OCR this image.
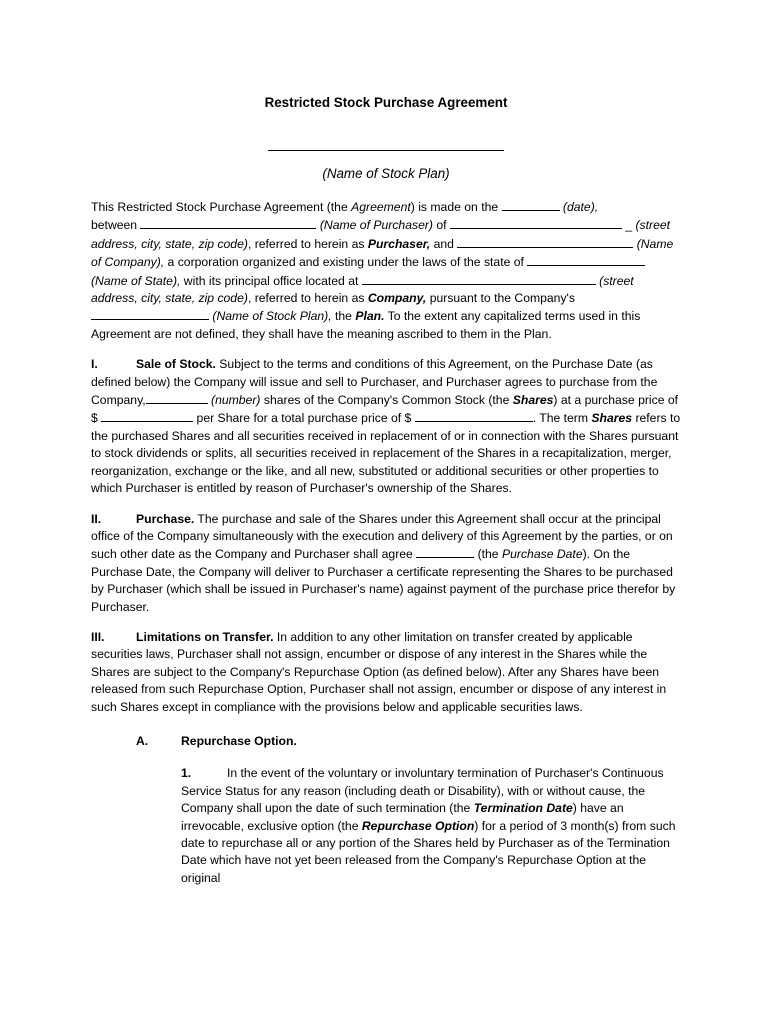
Restricted Stock Purchase Agreement

(Name of Stock Plan)

This Restricted Stock Purchase Agreement (the Agreement) is made on the	(date),
between	(Name of Purchaser) of	_ (street address, city, state, zip code), referred to herein as Purchaser, and	(Name of Company), a corporation organized and existing under the laws of the state of  (Name of State), with its principal office located at	(street address, city, state, zip code), referred to herein as Company, pursuant to the Company's  (Name of Stock Plan), the Plan. To the extent any capitalized terms used in this Agreement are not defined, they shall have the meaning ascribed to them in the Plan.

I.	Sale of Stock. Subject to the terms and conditions of this Agreement, on the Purchase Date (as defined below) the Company will issue and sell to Purchaser, and Purchaser agrees to purchase from the Company,	(number) shares of the Company's Common Stock (the Shares) at a purchase price of $	per Share for a total purchase price of $	. The term Shares refers to the purchased Shares and all securities received in replacement of or in connection with the Shares pursuant to stock dividends or splits, all securities received in replacement of the Shares in a recapitalization, merger, reorganization, exchange or the like, and all new, substituted or additional securities or other properties to which Purchaser is entitled by reason of Purchaser's ownership of the Shares.

II.	Purchase. The purchase and sale of the Shares under this Agreement shall occur at the principal office of the Company simultaneously with the execution and delivery of this Agreement by the parties, or on such other date as the Company and Purchaser shall agree	(the Purchase Date). On the Purchase Date, the Company will deliver to Purchaser a certificate representing the Shares to be purchased by Purchaser (which shall be issued in Purchaser's name) against payment of the purchase price therefor by Purchaser.

III.	Limitations on Transfer. In addition to any other limitation on transfer created by applicable securities laws, Purchaser shall not assign, encumber or dispose of any interest in the Shares while the Shares are subject to the Company's Repurchase Option (as defined below). After any Shares have been released from such Repurchase Option, Purchaser shall not assign, encumber or dispose of any interest in such Shares except in compliance with the provisions below and applicable securities laws.

A.	Repurchase Option.

1.	In the event of the voluntary or involuntary termination of Purchaser's Continuous Service Status for any reason (including death or Disability), with or without cause, the Company shall upon the date of such termination (the Termination Date) have an irrevocable, exclusive option (the Repurchase Option) for a period of 3 month(s) from such date to repurchase all or any portion of the Shares held by Purchaser as of the Termination Date which have not yet been released from the Company's Repurchase Option at the original
